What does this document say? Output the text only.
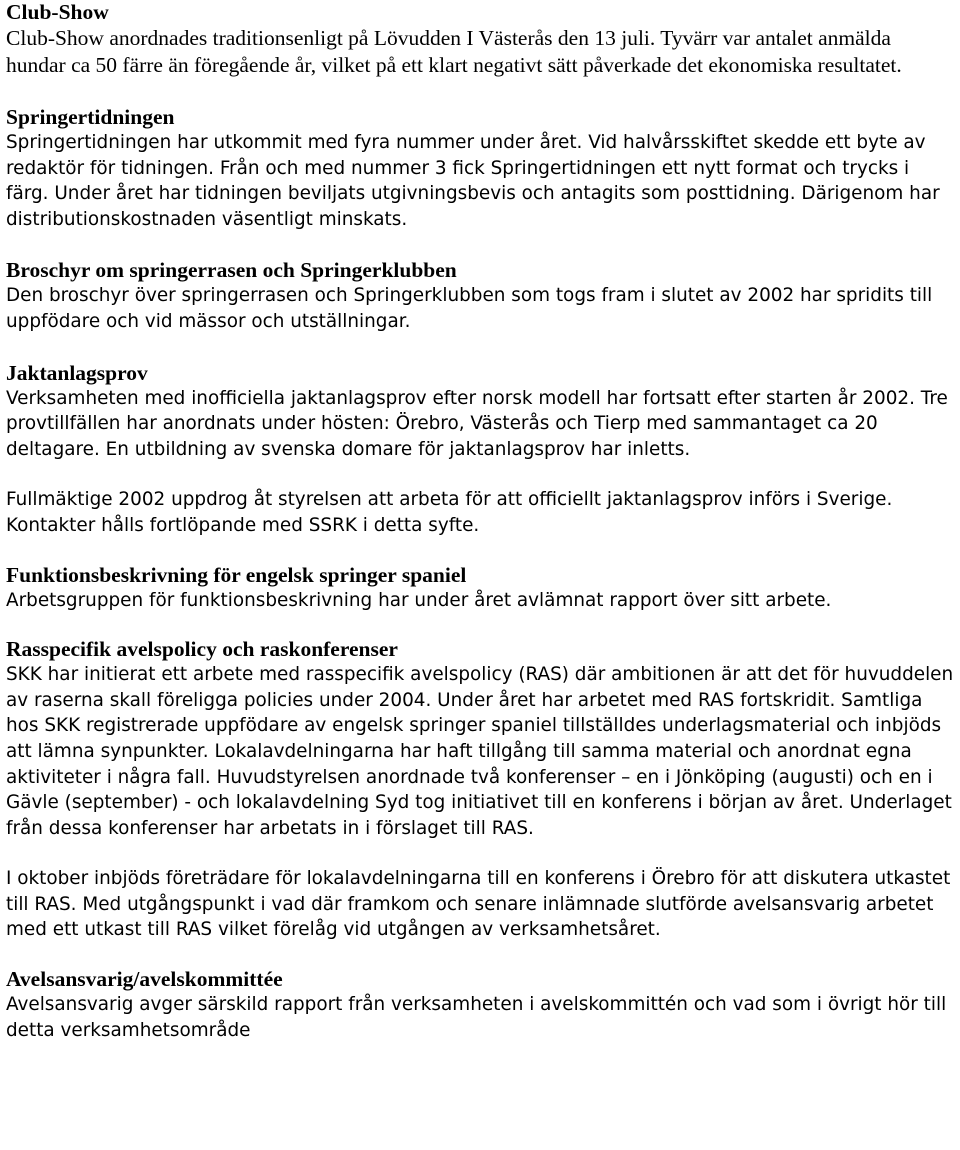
Club-Show

Club-Show anordnades traditionsenligt på Lövudden I Västerås den 13 juli. Tyvärr var antalet anmälda hundar ca 50 färre än föregående år, vilket på ett klart negativt sätt påverkade det ekonomiska resultatet.

Springertidningen

Springertidningen har utkommit med fyra nummer under året. Vid halvårsskiftet skedde ett byte av redaktör för tidningen. Från och med nummer 3 fick Springertidningen ett nytt format och trycks i färg. Under året har tidningen beviljats utgivningsbevis och antagits som posttidning. Därigenom har distributionskostnaden väsentligt minskats.

Broschyr om springerrasen och Springerklubben

Den broschyr över springerrasen och Springerklubben som togs fram i slutet av 2002 har spridits till uppfödare och vid mässor och utställningar.

Jaktanlagsprov

Verksamheten med inofficiella jaktanlagsprov efter norsk modell har fortsatt efter starten år 2002. Tre provtillfällen har anordnats under hösten: Örebro, Västerås och Tierp med sammantaget ca 20 deltagare. En utbildning av svenska domare för jaktanlagsprov har inletts.

Fullmäktige 2002 uppdrog åt styrelsen att arbeta för att officiellt jaktanlagsprov införs i Sverige. Kontakter hålls fortlöpande med SSRK i detta syfte.

Funktionsbeskrivning för engelsk springer spaniel

Arbetsgruppen för funktionsbeskrivning har under året avlämnat rapport över sitt arbete.

Rasspecifik avelspolicy och raskonferenser

SKK har initierat ett arbete med rasspecifik avelspolicy (RAS) där ambitionen är att det för huvuddelen av raserna skall föreligga policies under 2004. Under året har arbetet med RAS fortskridit. Samtliga hos SKK registrerade uppfödare av engelsk springer spaniel tillställdes underlagsmaterial och inbjöds att lämna synpunkter. Lokalavdelningarna har haft tillgång till samma material och anordnat egna aktiviteter i några fall. Huvudstyrelsen anordnade två konferenser – en i Jönköping (augusti) och en i Gävle (september) - och lokalavdelning Syd tog initiativet till en konferens i början av året. Underlaget från dessa konferenser har arbetats in i förslaget till RAS.

I oktober inbjöds företrädare för lokalavdelningarna till en konferens i Örebro för att diskutera utkastet till RAS. Med utgångspunkt i vad där framkom och senare inlämnade slutförde avelsansvarig arbetet med ett utkast till RAS vilket förelåg vid utgången av verksamhetsåret.

Avelsansvarig/avelskommittée

Avelsansvarig avger särskild rapport från verksamheten i avelskommittén och vad som i övrigt hör till detta verksamhetsområde
